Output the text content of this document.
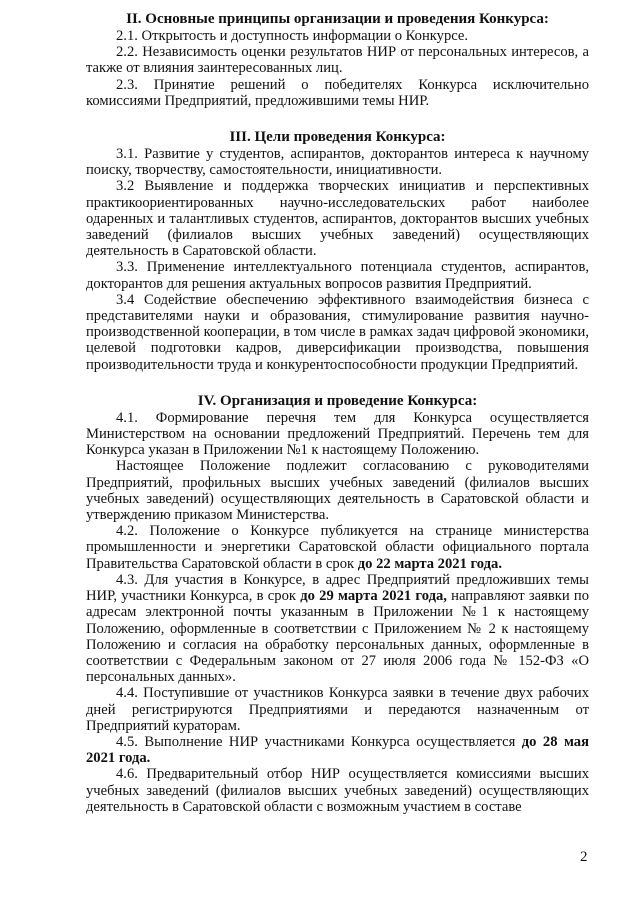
II. Основные принципы организации и проведения Конкурса:

2.1. Открытость и доступность информации о Конкурсе.

2.2. Независимость оценки результатов НИР от персональных интересов, а также от влияния заинтересованных лиц.

2.3. Принятие решений о победителях Конкурса исключительно комиссиями Предприятий, предложившими темы НИР.

III. Цели проведения Конкурса:

3.1. Развитие у студентов, аспирантов, докторантов интереса к научному поиску, творчеству, самостоятельности, инициативности.

3.2 Выявление и поддержка творческих инициатив и перспективных практикоориентированных научно-исследовательских работ наиболее одаренных и талантливых студентов, аспирантов, докторантов высших учебных заведений (филиалов высших учебных заведений) осуществляющих деятельность в Саратовской области.

3.3. Применение интеллектуального потенциала студентов, аспирантов, докторантов для решения актуальных вопросов развития Предприятий.

3.4 Содействие обеспечению эффективного взаимодействия бизнеса с представителями науки и образования, стимулирование развития научно-производственной кооперации, в том числе в рамках задач цифровой экономики, целевой подготовки кадров, диверсификации производства, повышения производительности труда и конкурентоспособности продукции Предприятий.

IV. Организация и проведение Конкурса:

4.1. Формирование перечня тем для Конкурса осуществляется Министерством на основании предложений Предприятий. Перечень тем для Конкурса указан в Приложении №1 к настоящему Положению.

Настоящее Положение подлежит согласованию с руководителями Предприятий, профильных высших учебных заведений (филиалов высших учебных заведений) осуществляющих деятельность в Саратовской области и утверждению приказом Министерства.

4.2. Положение о Конкурсе публикуется на странице министерства промышленности и энергетики Саратовской области официального портала Правительства Саратовской области в срок до 22 марта 2021 года.

4.3. Для участия в Конкурсе, в адрес Предприятий предложивших темы НИР, участники Конкурса, в срок до 29 марта 2021 года, направляют заявки по адресам электронной почты указанным в Приложении №1 к настоящему Положению, оформленные в соответствии с Приложением № 2 к настоящему Положению и согласия на обработку персональных данных, оформленные в соответствии с Федеральным законом от 27 июля 2006 года № 152-ФЗ «О персональных данных».

4.4. Поступившие от участников Конкурса заявки в течение двух рабочих дней регистрируются Предприятиями и передаются назначенным от Предприятий кураторам.

4.5. Выполнение НИР участниками Конкурса осуществляется до 28 мая 2021 года.

4.6. Предварительный отбор НИР осуществляется комиссиями высших учебных заведений (филиалов высших учебных заведений) осуществляющих деятельность в Саратовской области с возможным участием в составе

2
